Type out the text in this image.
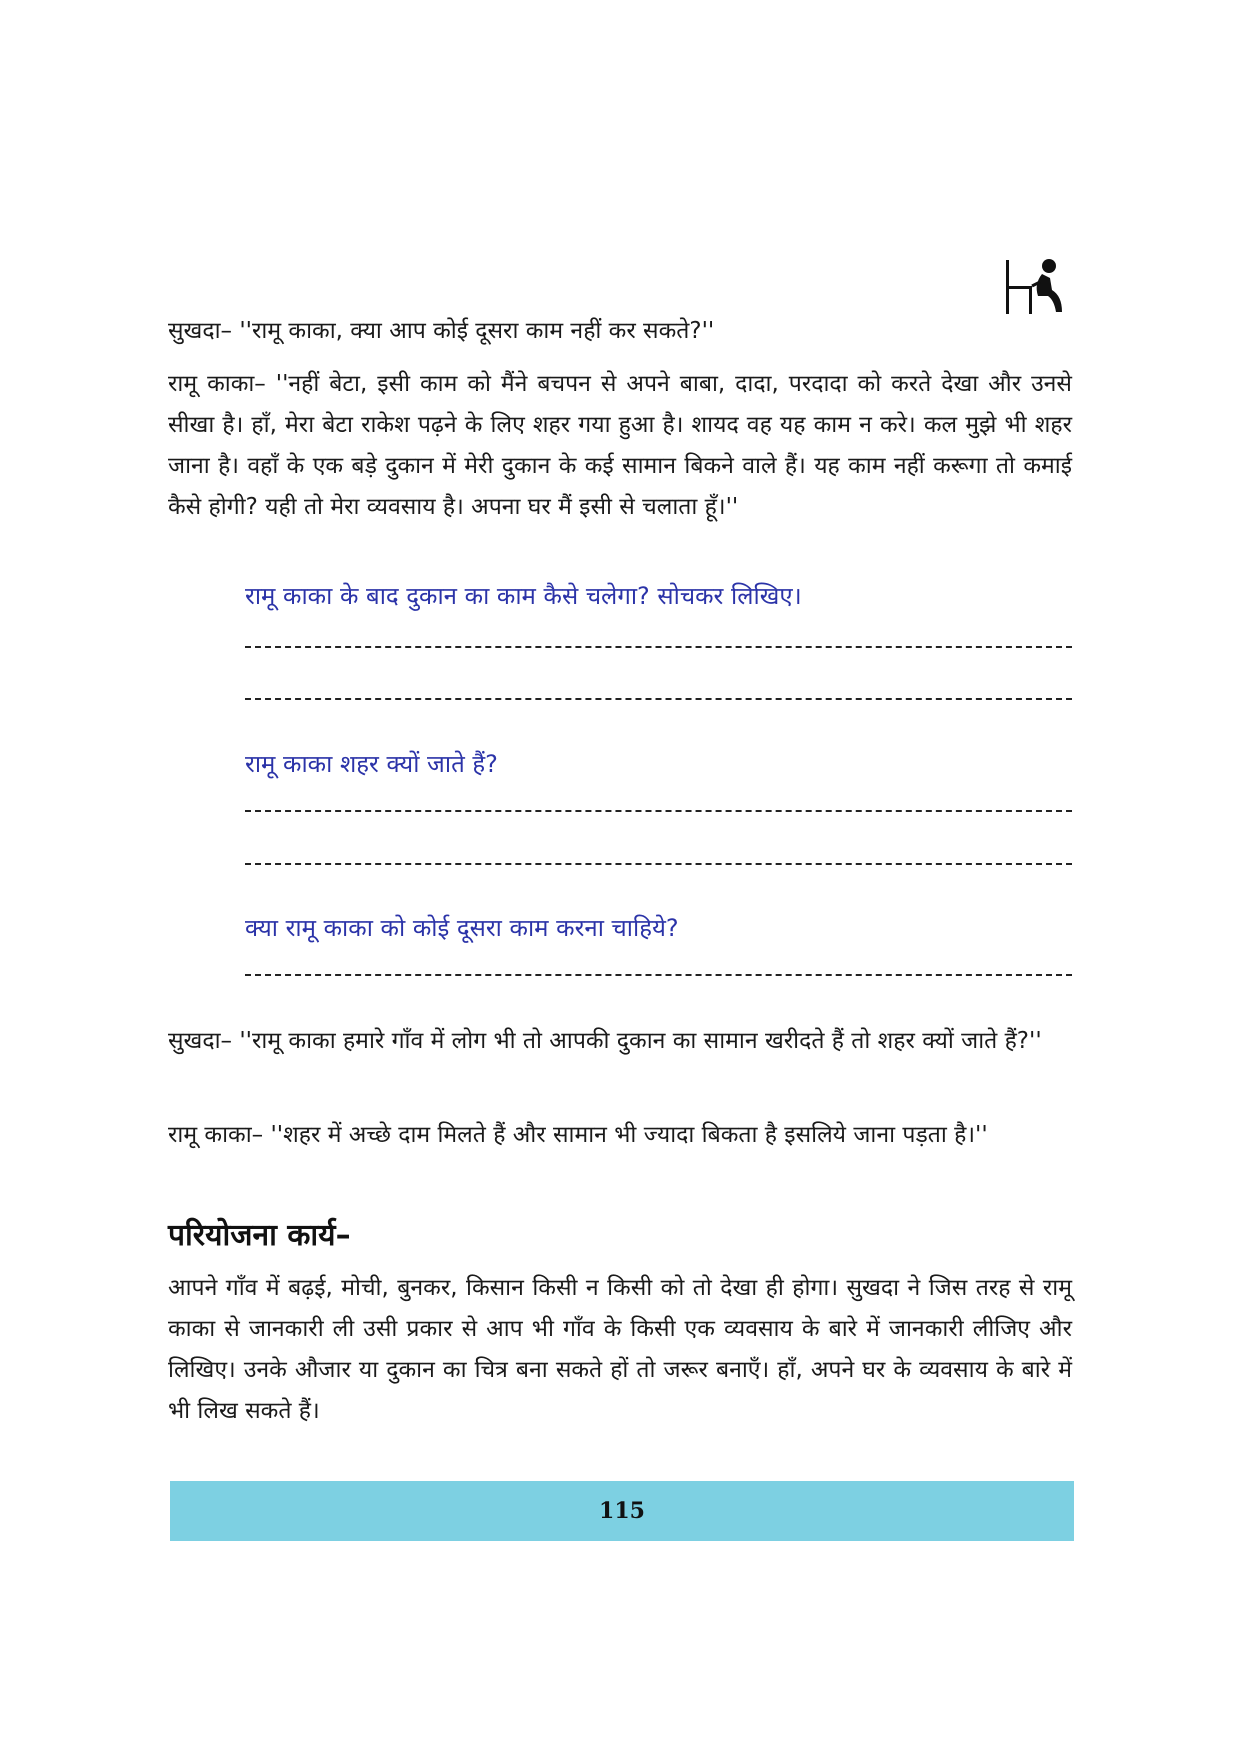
सुखदा– ''रामू काका, क्या आप कोई दूसरा काम नहीं कर सकते?''

रामू काका– ''नहीं बेटा, इसी काम को मैंने बचपन से अपने बाबा, दादा, परदादा को करते देखा और उनसे सीखा है। हाँ, मेरा बेटा राकेश पढ़ने के लिए शहर गया हुआ है। शायद वह यह काम न करे। कल मुझे भी शहर जाना है। वहाँ के एक बड़े दुकान में मेरी दुकान के कई सामान बिकने वाले हैं। यह काम नहीं करूगा तो कमाई कैसे होगी? यही तो मेरा व्यवसाय है। अपना घर मैं इसी से चलाता हूँ।''

रामू काका के बाद दुकान का काम कैसे चलेगा? सोचकर लिखिए।

रामू काका शहर क्यों जाते हैं?

क्या रामू काका को कोई दूसरा काम करना चाहिये?

सुखदा– ''रामू काका हमारे गाँव में लोग भी तो आपकी दुकान का सामान खरीदते हैं तो शहर क्यों जाते हैं?''

रामू काका– ''शहर में अच्छे दाम मिलते हैं और सामान भी ज्यादा बिकता है इसलिये जाना पड़ता है।''

परियोजना कार्य–

आपने गाँव में बढ़ई, मोची, बुनकर, किसान किसी न किसी को तो देखा ही होगा। सुखदा ने जिस तरह से रामू काका से जानकारी ली उसी प्रकार से आप भी गाँव के किसी एक व्यवसाय के बारे में जानकारी लीजिए और लिखिए। उनके औजार या दुकान का चित्र बना सकते हों तो जरूर बनाएँ। हाँ, अपने घर के व्यवसाय के बारे में भी लिख सकते हैं।

115
